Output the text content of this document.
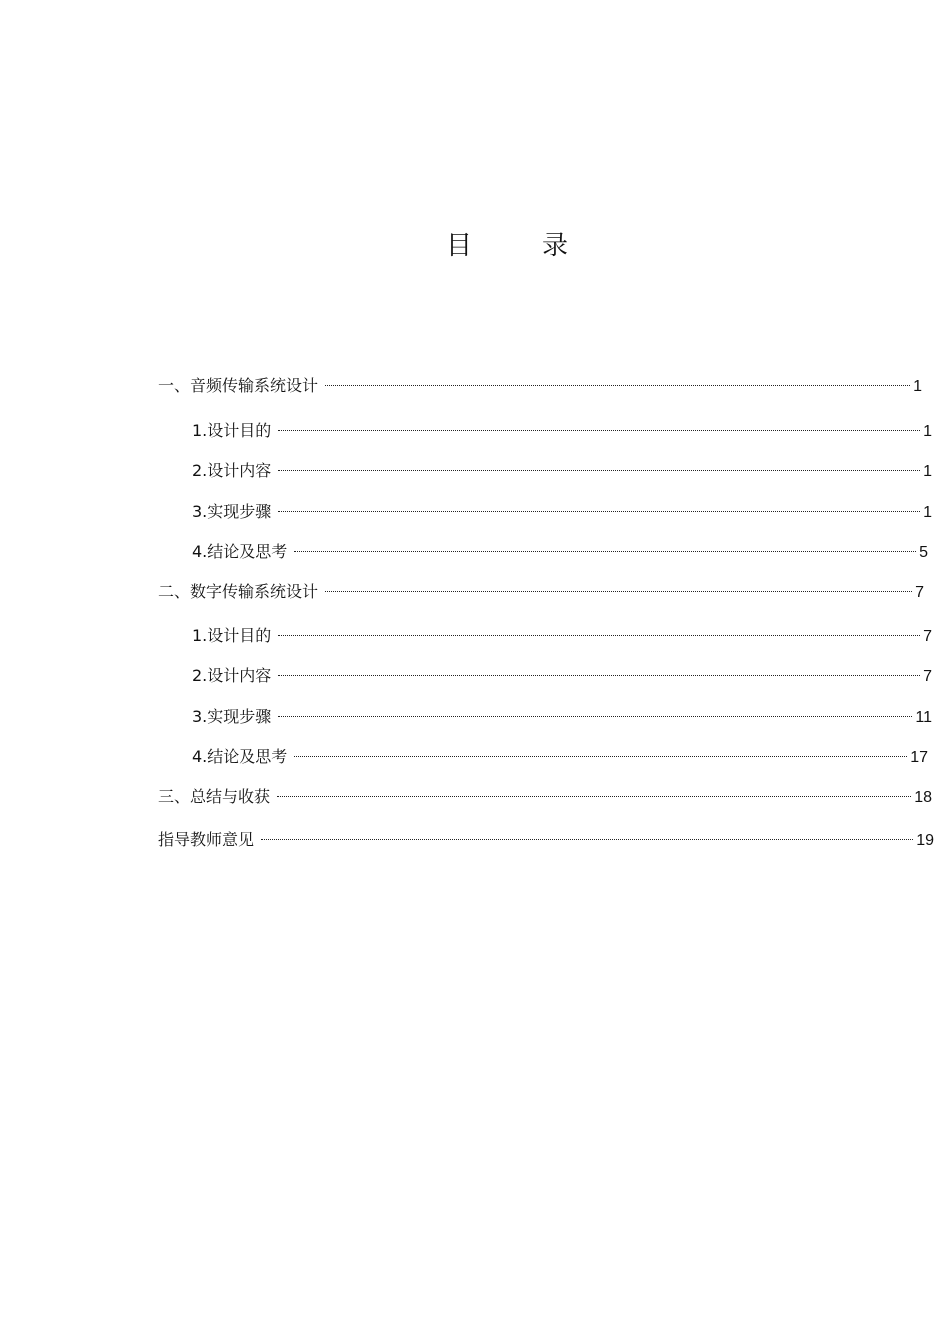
目	录
一、音频传输系统设计	1
1.设计目的	1
2.设计内容	1
3.实现步骤	1
4.结论及思考	5
二、数字传输系统设计	7
1.设计目的	7
2.设计内容	7
3.实现步骤	11
4.结论及思考	17
三、总结与收获	18
指导教师意见	19
